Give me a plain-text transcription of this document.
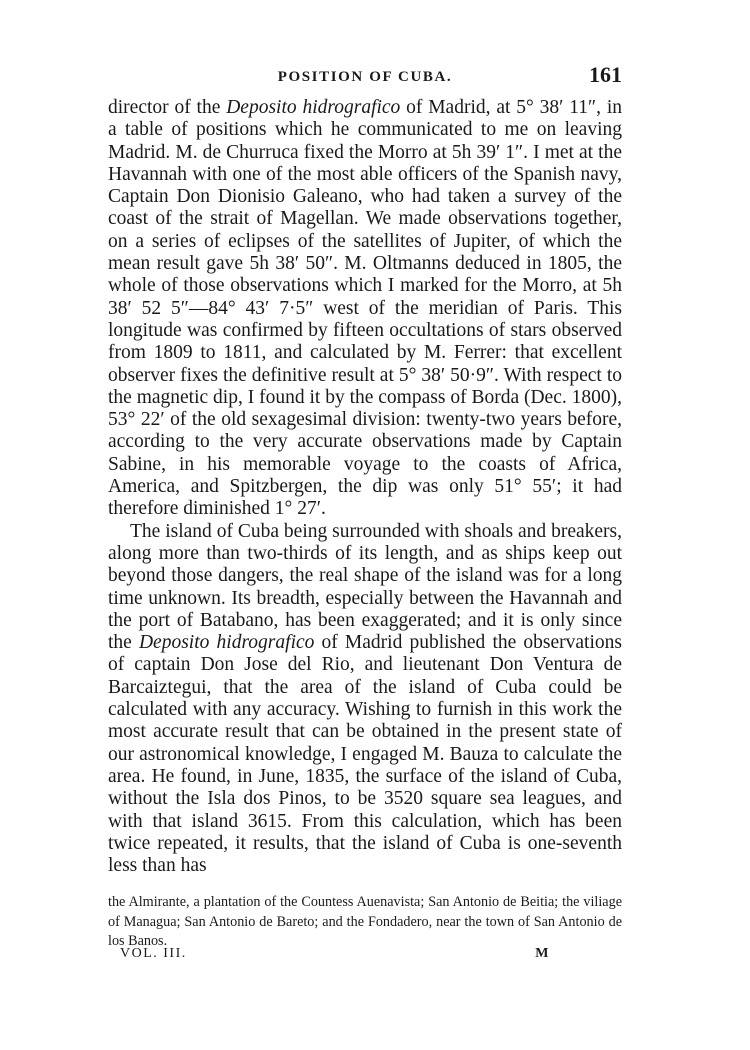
POSITION OF CUBA.	161

director of the Deposito hidrografico of Madrid, at 5° 38′ 11″, in a table of positions which he communicated to me on leaving Madrid. M. de Churruca fixed the Morro at 5h 39′ 1″. I met at the Havannah with one of the most able officers of the Spanish navy, Captain Don Dionisio Galeano, who had taken a survey of the coast of the strait of Magellan. We made observations together, on a series of eclipses of the satellites of Jupiter, of which the mean result gave 5h 38′ 50″. M. Oltmanns deduced in 1805, the whole of those observations which I marked for the Morro, at 5h 38′ 52 5″—84° 43′ 7·5″ west of the meridian of Paris. This longitude was confirmed by fifteen occultations of stars observed from 1809 to 1811, and calculated by M. Ferrer: that excellent observer fixes the definitive result at 5° 38′ 50·9″. With respect to the magnetic dip, I found it by the compass of Borda (Dec. 1800), 53° 22′ of the old sexagesimal division: twenty-two years before, according to the very accurate observations made by Captain Sabine, in his memorable voyage to the coasts of Africa, America, and Spitzbergen, the dip was only 51° 55′; it had therefore diminished 1° 27′.

The island of Cuba being surrounded with shoals and breakers, along more than two-thirds of its length, and as ships keep out beyond those dangers, the real shape of the island was for a long time unknown. Its breadth, especially between the Havannah and the port of Batabano, has been exaggerated; and it is only since the Deposito hidrografico of Madrid published the observations of captain Don Jose del Rio, and lieutenant Don Ventura de Barcaiztegui, that the area of the island of Cuba could be calculated with any accuracy. Wishing to furnish in this work the most accurate result that can be obtained in the present state of our astronomical knowledge, I engaged M. Bauza to calculate the area. He found, in June, 1835, the surface of the island of Cuba, without the Isla dos Pinos, to be 3520 square sea leagues, and with that island 3615. From this calculation, which has been twice repeated, it results, that the island of Cuba is one-seventh less than has

the Almirante, a plantation of the Countess Auenavista; San Antonio de Beitia; the viliage of Managua; San Antonio de Bareto; and the Fondadero, near the town of San Antonio de los Banos.
VOL. III.	M
